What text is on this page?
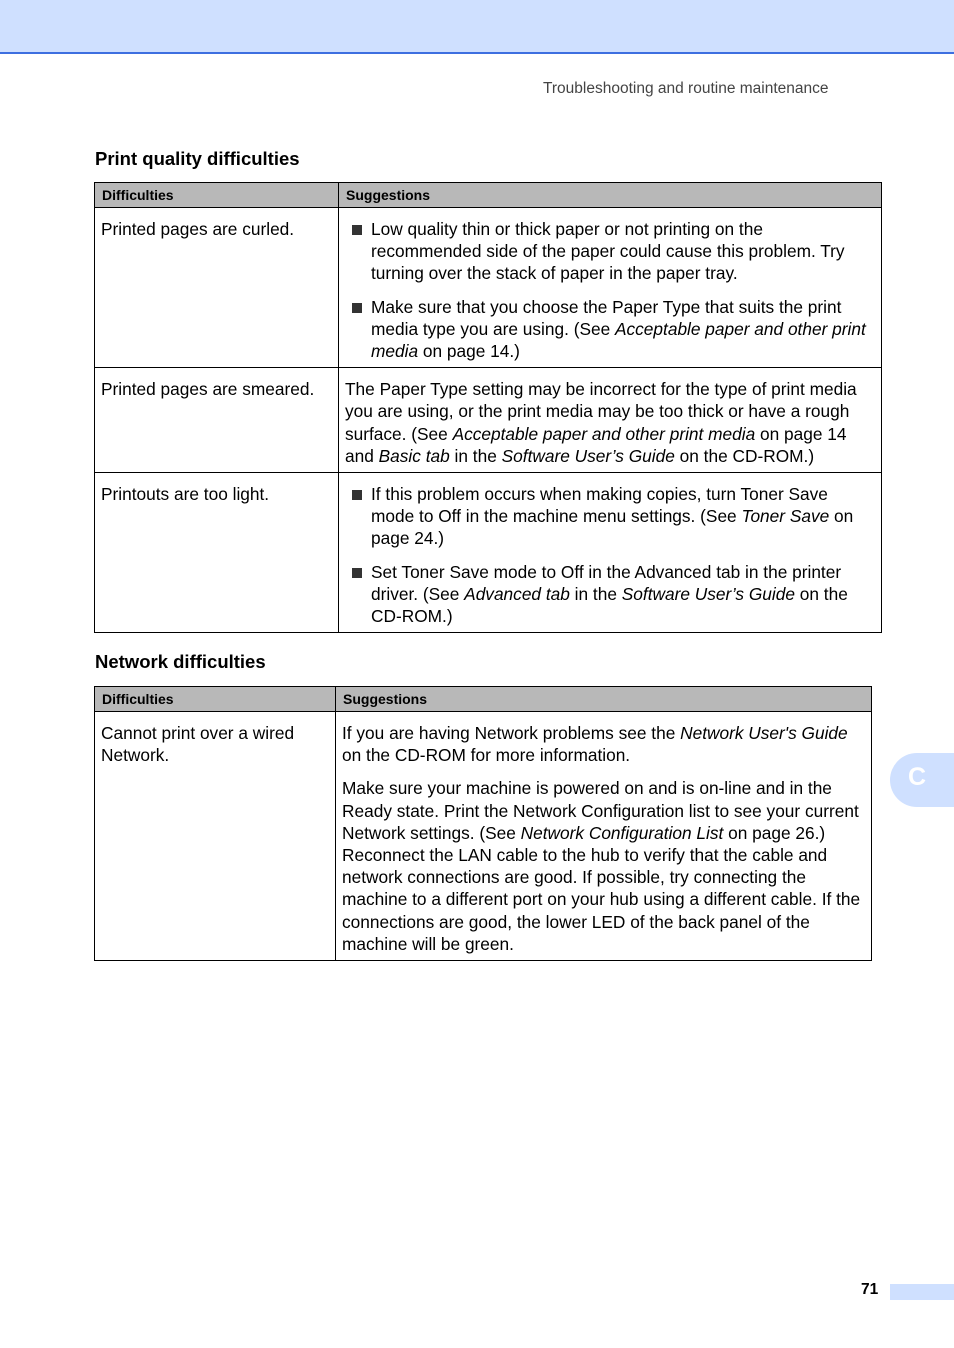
Troubleshooting and routine maintenance
Print quality difficulties
Difficulties	Suggestions
Printed pages are curled.	Low quality thin or thick paper or not printing on the recommended side of the paper could cause this problem. Try turning over the stack of paper in the paper tray.
Make sure that you choose the Paper Type that suits the print media type you are using. (See Acceptable paper and other print media on page 14.)

Printed pages are smeared.	The Paper Type setting may be incorrect for the type of print media you are using, or the print media may be too thick or have a rough surface. (See Acceptable paper and other print media on page 14 and Basic tab in the Software User’s Guide on the CD-ROM.)
Printouts are too light.	If this problem occurs when making copies, turn Toner Save mode to Off in the machine menu settings. (See Toner Save on page 24.)
Set Toner Save mode to Off in the Advanced tab in the printer driver. (See Advanced tab in the Software User’s Guide on the CD-ROM.)
Network difficulties
Difficulties	Suggestions
Cannot print over a wired Network.	If you are having Network problems see the Network User's Guide on the CD-ROM for more information.
Make sure your machine is powered on and is on-line and in the Ready state. Print the Network Configuration list to see your current Network settings. (See Network Configuration List on page 26.) Reconnect the LAN cable to the hub to verify that the cable and network connections are good. If possible, try connecting the machine to a different port on your hub using a different cable. If the connections are good, the lower LED of the back panel of the machine will be green.
C
71
